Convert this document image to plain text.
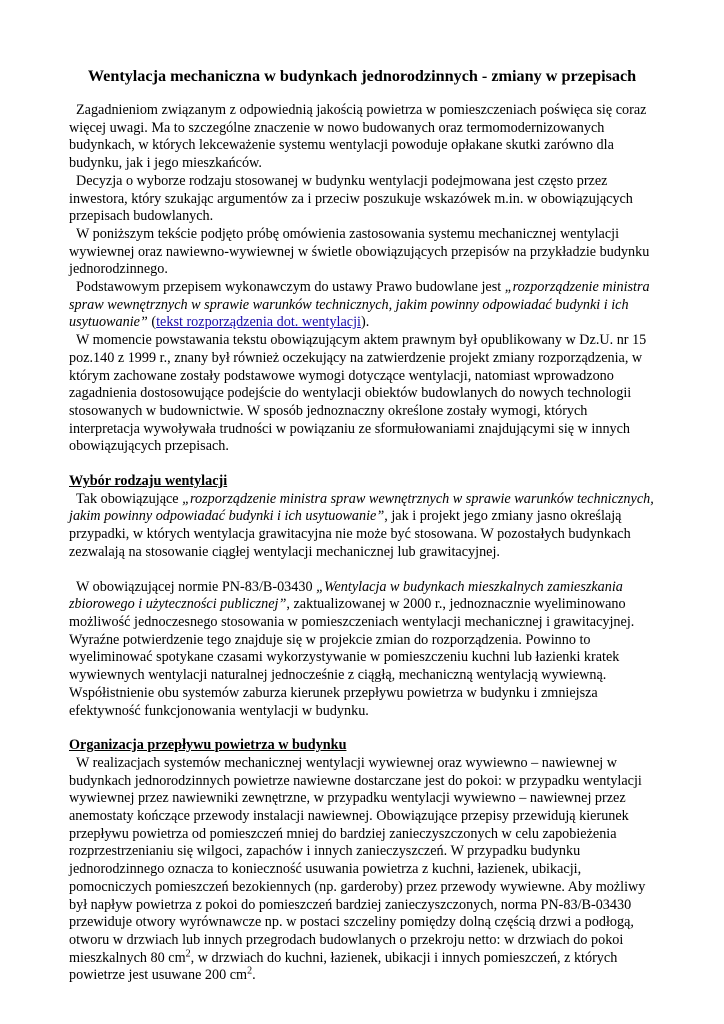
Wentylacja mechaniczna w budynkach jednorodzinnych - zmiany w przepisach

Zagadnieniom związanym z odpowiednią jakością powietrza w pomieszczeniach poświęca się coraz więcej uwagi. Ma to szczególne znaczenie w nowo budowanych oraz termomodernizowanych budynkach, w których lekceważenie systemu wentylacji powoduje opłakane skutki zarówno dla budynku, jak i jego mieszkańców.

Decyzja o wyborze rodzaju stosowanej w budynku wentylacji podejmowana jest często przez inwestora, który szukając argumentów za i przeciw poszukuje wskazówek m.in. w obowiązujących przepisach budowlanych.

W poniższym tekście podjęto próbę omówienia zastosowania systemu mechanicznej wentylacji wywiewnej oraz nawiewno-wywiewnej w świetle obowiązujących przepisów na przykładzie budynku jednorodzinnego.

Podstawowym przepisem wykonawczym do ustawy Prawo budowlane jest „rozporządzenie ministra spraw wewnętrznych w sprawie warunków technicznych, jakim powinny odpowiadać budynki i ich usytuowanie” (tekst rozporządzenia dot. wentylacji).

W momencie powstawania tekstu obowiązującym aktem prawnym był opublikowany w Dz.U. nr 15 poz.140 z 1999 r., znany był również oczekujący na zatwierdzenie projekt zmiany rozporządzenia, w którym zachowane zostały podstawowe wymogi dotyczące wentylacji, natomiast wprowadzono zagadnienia dostosowujące podejście do wentylacji obiektów budowlanych do nowych technologii stosowanych w budownictwie. W sposób jednoznaczny określone zostały wymogi, których interpretacja wywoływała trudności w powiązaniu ze sformułowaniami znajdującymi się w innych obowiązujących przepisach.

Wybór rodzaju wentylacji

Tak obowiązujące „rozporządzenie ministra spraw wewnętrznych w sprawie warunków technicznych, jakim powinny odpowiadać budynki i ich usytuowanie”, jak i projekt jego zmiany jasno określają przypadki, w których wentylacja grawitacyjna nie może być stosowana. W pozostałych budynkach zezwalają na stosowanie ciągłej wentylacji mechanicznej lub grawitacyjnej.

W obowiązującej normie PN-83/B-03430 „Wentylacja w budynkach mieszkalnych zamieszkania zbiorowego i użyteczności publicznej”, zaktualizowanej w 2000 r., jednoznacznie wyeliminowano możliwość jednoczesnego stosowania w pomieszczeniach wentylacji mechanicznej i grawitacyjnej. Wyraźne potwierdzenie tego znajduje się w projekcie zmian do rozporządzenia. Powinno to wyeliminować spotykane czasami wykorzystywanie w pomieszczeniu kuchni lub łazienki kratek wywiewnych wentylacji naturalnej jednocześnie z ciągłą, mechaniczną wentylacją wywiewną. Współistnienie obu systemów zaburza kierunek przepływu powietrza w budynku i zmniejsza efektywność funkcjonowania wentylacji w budynku.

Organizacja przepływu powietrza w budynku

W realizacjach systemów mechanicznej wentylacji wywiewnej oraz wywiewno – nawiewnej w budynkach jednorodzinnych powietrze nawiewne dostarczane jest do pokoi: w przypadku wentylacji wywiewnej przez nawiewniki zewnętrzne, w przypadku wentylacji wywiewno – nawiewnej przez anemostaty kończące przewody instalacji nawiewnej. Obowiązujące przepisy przewidują kierunek przepływu powietrza od pomieszczeń mniej do bardziej zanieczyszczonych w celu zapobieżenia rozprzestrzenianiu się wilgoci, zapachów i innych zanieczyszczeń. W przypadku budynku jednorodzinnego oznacza to konieczność usuwania powietrza z kuchni, łazienek, ubikacji, pomocniczych pomieszczeń bezokiennych (np. garderoby) przez przewody wywiewne. Aby możliwy był napływ powietrza z pokoi do pomieszczeń bardziej zanieczyszczonych, norma PN-83/B-03430 przewiduje otwory wyrównawcze np. w postaci szczeliny pomiędzy dolną częścią drzwi a podłogą, otworu w drzwiach lub innych przegrodach budowlanych o przekroju netto: w drzwiach do pokoi mieszkalnych 80 $cm^2$, w drzwiach do kuchni, łazienek, ubikacji i innych pomieszczeń, z których powietrze jest usuwane 200 $cm^2$.
